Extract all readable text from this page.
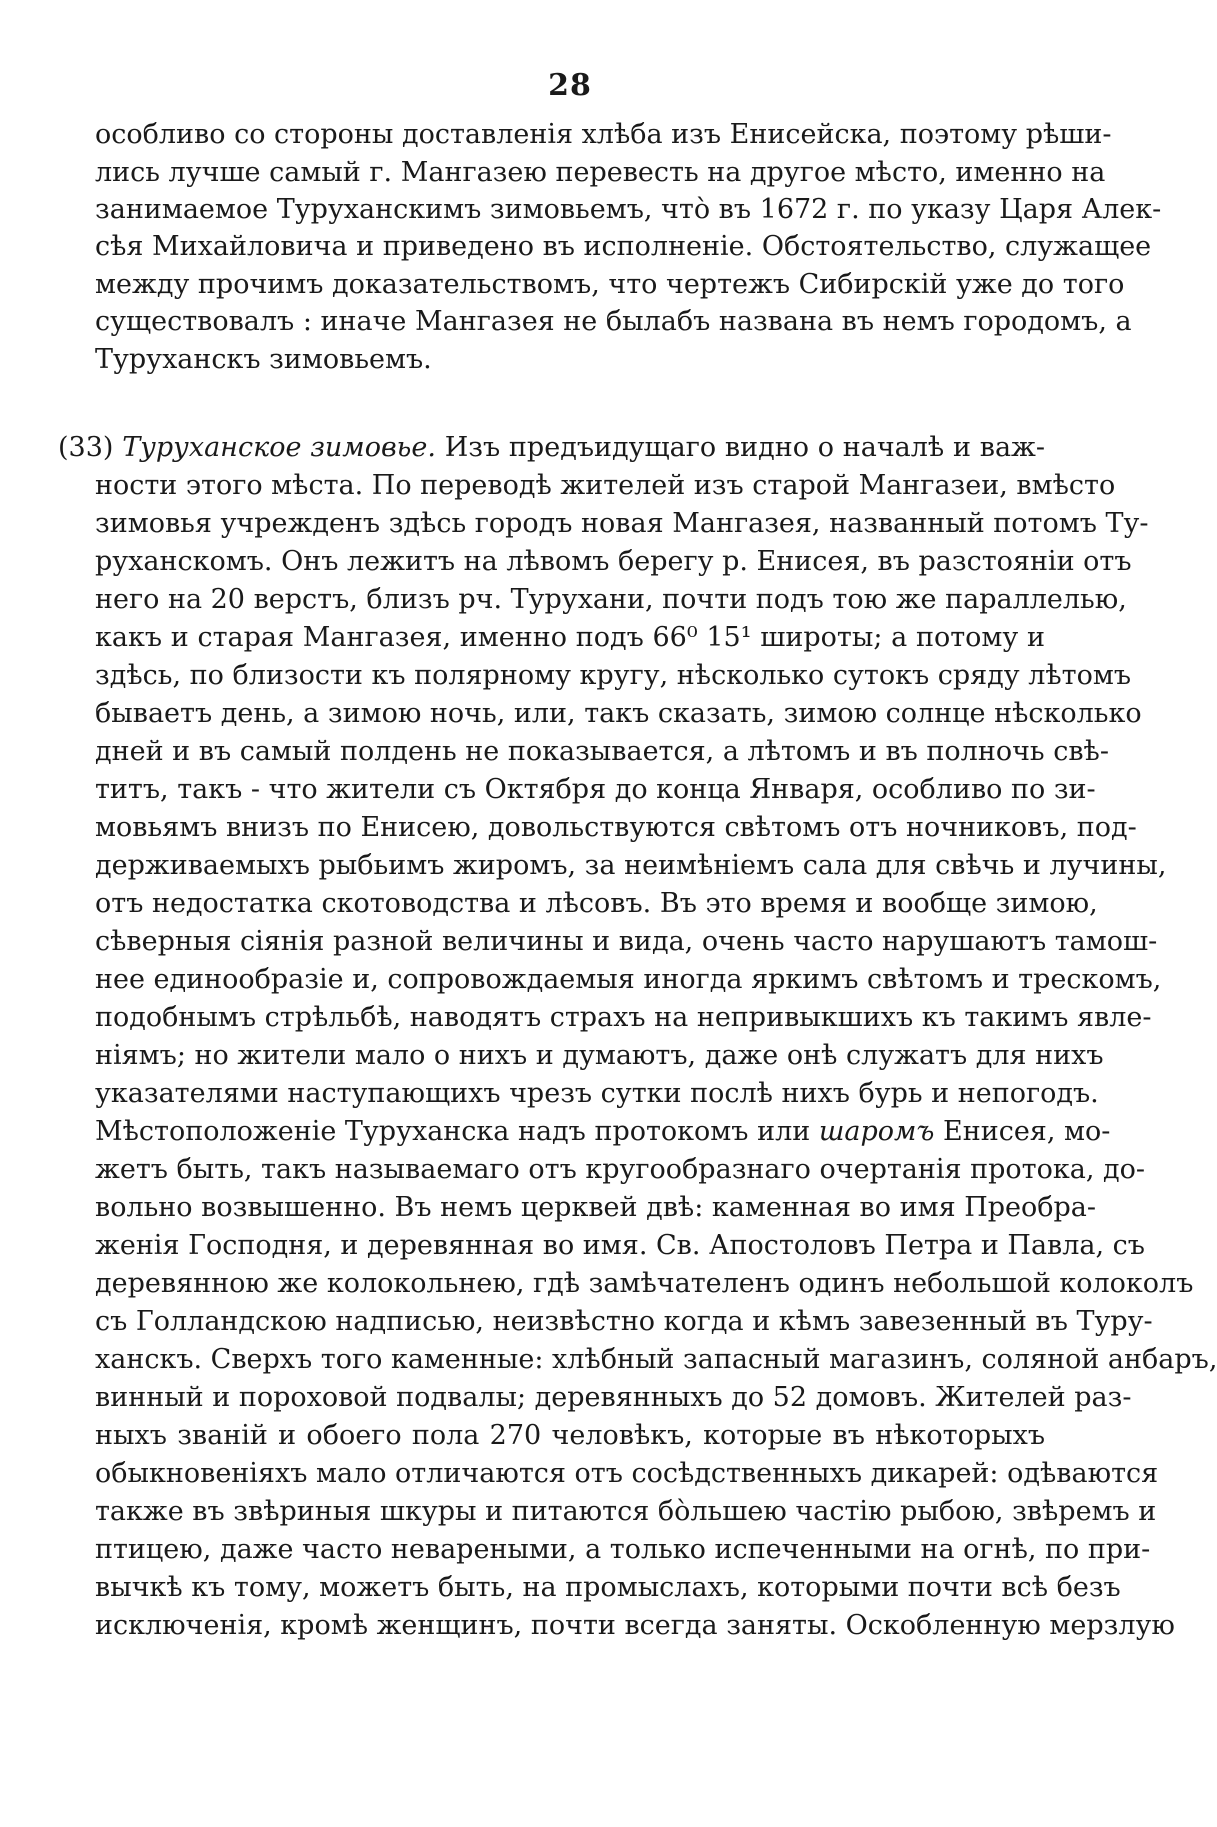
28
особливо со стороны доставленія хлѣба изъ Енисейска, поэтому рѣши-
лись лучше самый г. Мангазею перевесть на другое мѣсто, именно на
занимаемое Туруханскимъ зимовьемъ, что̀ въ 1672 г. по указу Царя Алек-
сѣя Михайловича и приведено въ исполненіе. Обстоятельство, служащее
между прочимъ доказательствомъ, что чертежъ Сибирскій уже до того
существовалъ : иначе Мангазея не былабъ названа въ немъ городомъ, а
Туруханскъ зимовьемъ.
(33) Туруханское зимовье. Изъ предъидущаго видно о началѣ и важ-
ности этого мѣста. По переводѣ жителей изъ старой Мангазеи, вмѣсто
зимовья учрежденъ здѣсь городъ новая Мангазея, названный потомъ Ту-
руханскомъ. Онъ лежитъ на лѣвомъ берегу р. Енисея, въ разстояніи отъ
него на 20 верстъ, близъ рч. Турухани, почти подъ тою же параллелью,
какъ и старая Мангазея, именно подъ 66⁰ 15¹ широты; а потому и
здѣсь, по близости къ полярному кругу, нѣсколько сутокъ сряду лѣтомъ
бываетъ день, а зимою ночь, или, такъ сказать, зимою солнце нѣсколько
дней и въ самый полдень не показывается, а лѣтомъ и въ полночь свѣ-
титъ, такъ - что жители съ Октября до конца Января, особливо по зи-
мовьямъ внизъ по Енисею, довольствуются свѣтомъ отъ ночниковъ, под-
держиваемыхъ рыбьимъ жиромъ, за неимѣніемъ сала для свѣчь и лучины,
отъ недостатка скотоводства и лѣсовъ. Въ это время и вообще зимою,
сѣверныя сіянія разной величины и вида, очень часто нарушаютъ тамош-
нее единообразіе и, сопровождаемыя иногда яркимъ свѣтомъ и трескомъ,
подобнымъ стрѣльбѣ, наводятъ страхъ на непривыкшихъ къ такимъ явле-
ніямъ; но жители мало о нихъ и думаютъ, даже онѣ служатъ для нихъ
указателями наступающихъ чрезъ сутки послѣ нихъ бурь и непогодъ.
Мѣстоположеніе Туруханска надъ протокомъ или шаромъ Енисея, мо-
жетъ быть, такъ называемаго отъ кругообразнаго очертанія протока, до-
вольно возвышенно. Въ немъ церквей двѣ: каменная во имя Преобра-
женія Господня, и деревянная во имя. Св. Апостоловъ Петра и Павла, съ
деревянною же колокольнею, гдѣ замѣчателенъ одинъ небольшой колоколъ
съ Голландскою надписью, неизвѣстно когда и кѣмъ завезенный въ Туру-
ханскъ. Сверхъ того каменные: хлѣбный запасный магазинъ, соляной анбаръ,
винный и пороховой подвалы; деревянныхъ до 52 домовъ. Жителей раз-
ныхъ званій и обоего пола 270 человѣкъ, которые въ нѣкоторыхъ
обыкновеніяхъ мало отличаются отъ сосѣдственныхъ дикарей: одѣваются
также въ звѣриныя шкуры и питаются бо̀льшею частію рыбою, звѣремъ и
птицею, даже часто неварeными, а только испеченными на огнѣ, по при-
вычкѣ къ тому, можетъ быть, на промыслахъ, которыми почти всѣ безъ
исключенія, кромѣ женщинъ, почти всегда заняты. Оскобленную мерзлую
